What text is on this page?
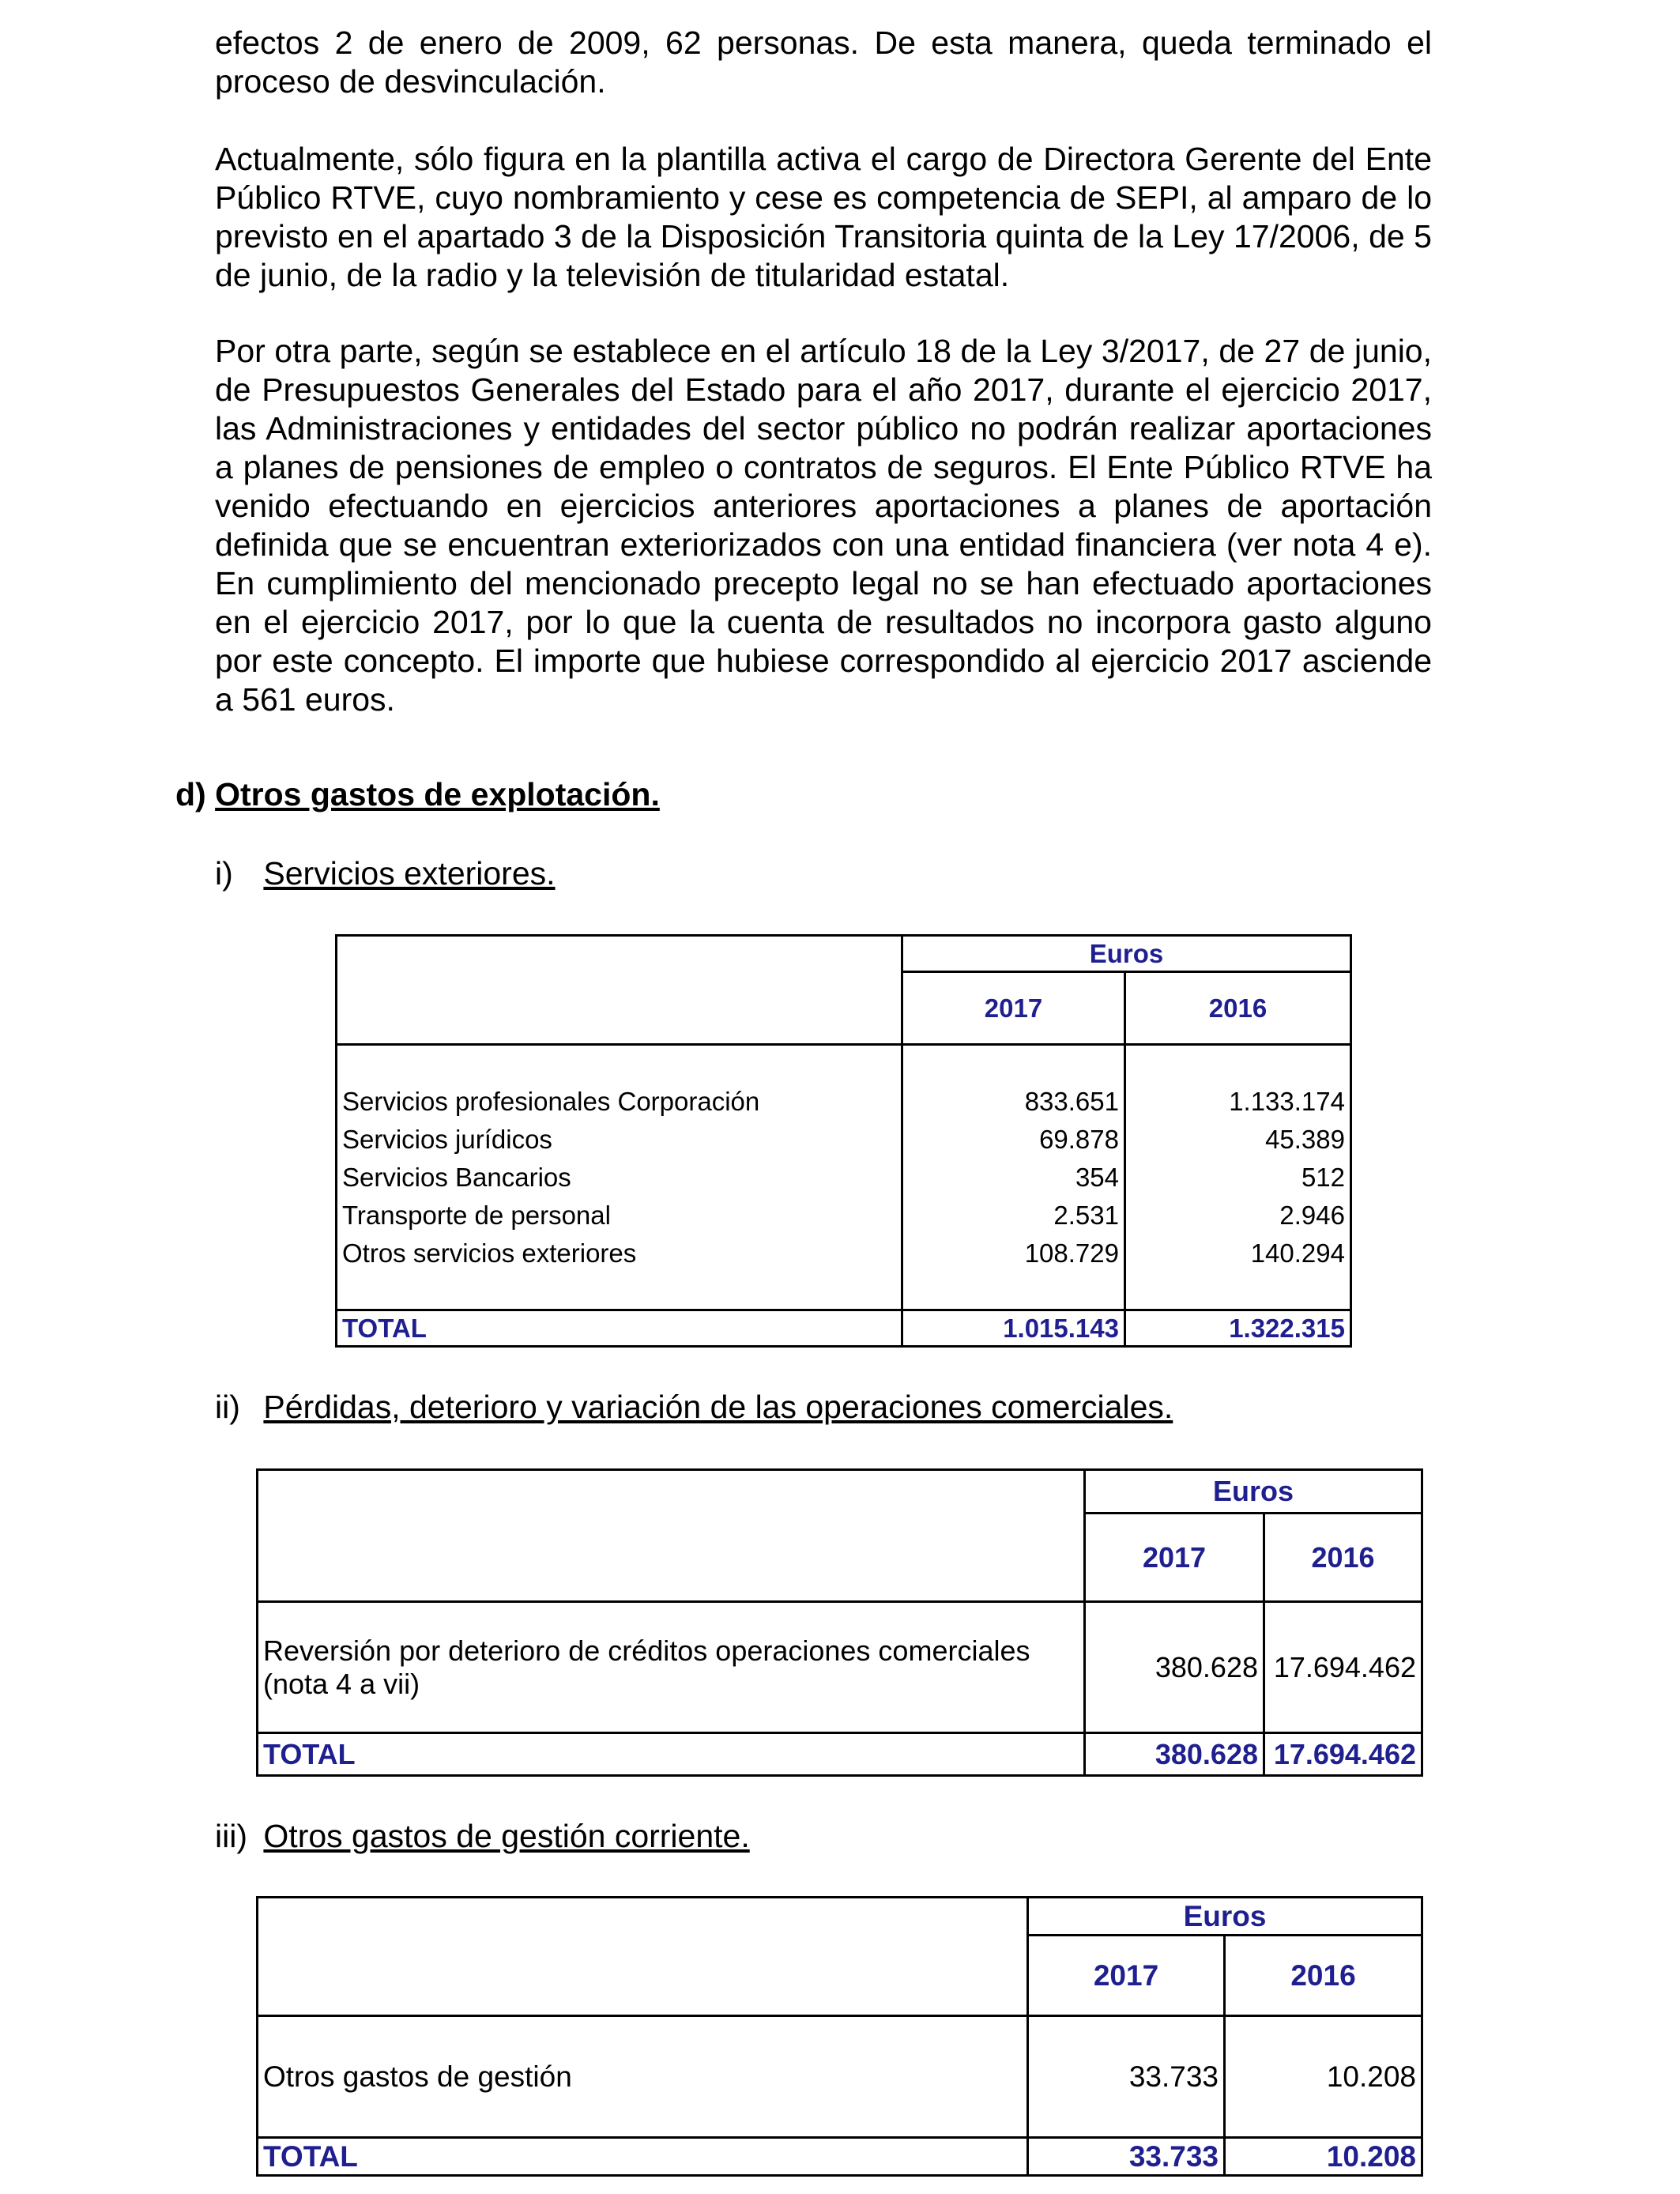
efectos 2 de enero de 2009, 62 personas. De esta manera, queda terminado el proceso de desvinculación.

Actualmente, sólo figura en la plantilla activa el cargo de Directora Gerente del Ente Público RTVE, cuyo nombramiento y cese es competencia de SEPI, al amparo de lo previsto en el apartado 3 de la Disposición Transitoria quinta de la Ley 17/2006, de 5 de junio, de la radio y la televisión de titularidad estatal.

Por otra parte, según se establece en el artículo 18 de la Ley 3/2017, de 27 de junio, de Presupuestos Generales del Estado para el año 2017, durante el ejercicio 2017, las Administraciones y entidades del sector público no podrán realizar aportaciones a planes de pensiones de empleo o contratos de seguros. El Ente Público RTVE ha venido efectuando en ejercicios anteriores aportaciones a planes de aportación definida que se encuentran exteriorizados con una entidad financiera (ver nota 4 e). En cumplimiento del mencionado precepto legal no se han efectuado aportaciones en el ejercicio 2017, por lo que la cuenta de resultados no incorpora gasto alguno por este concepto. El importe que hubiese correspondido al ejercicio 2017 asciende a 561 euros.

d) Otros gastos de explotación.
i) Servicios exteriores.
	Euros	
	2017	2016

Servicios profesionales Corporación	833.651	1.133.174
Servicios jurídicos	69.878	45.389
Servicios Bancarios	354	512
Transporte de personal	2.531	2.946
Otros servicios exteriores	108.729	140.294

TOTAL	1.015.143	1.322.315
ii) Pérdidas, deterioro y variación de las operaciones comerciales.
	Euros	
	2017	2016
Reversión por deterioro de créditos operaciones comerciales (nota 4 a vii)	380.628	17.694.462
TOTAL	380.628	17.694.462
iii) Otros gastos de gestión corriente.
	Euros	
	2017	2016
Otros gastos de gestión	33.733	10.208
TOTAL	33.733	10.208
